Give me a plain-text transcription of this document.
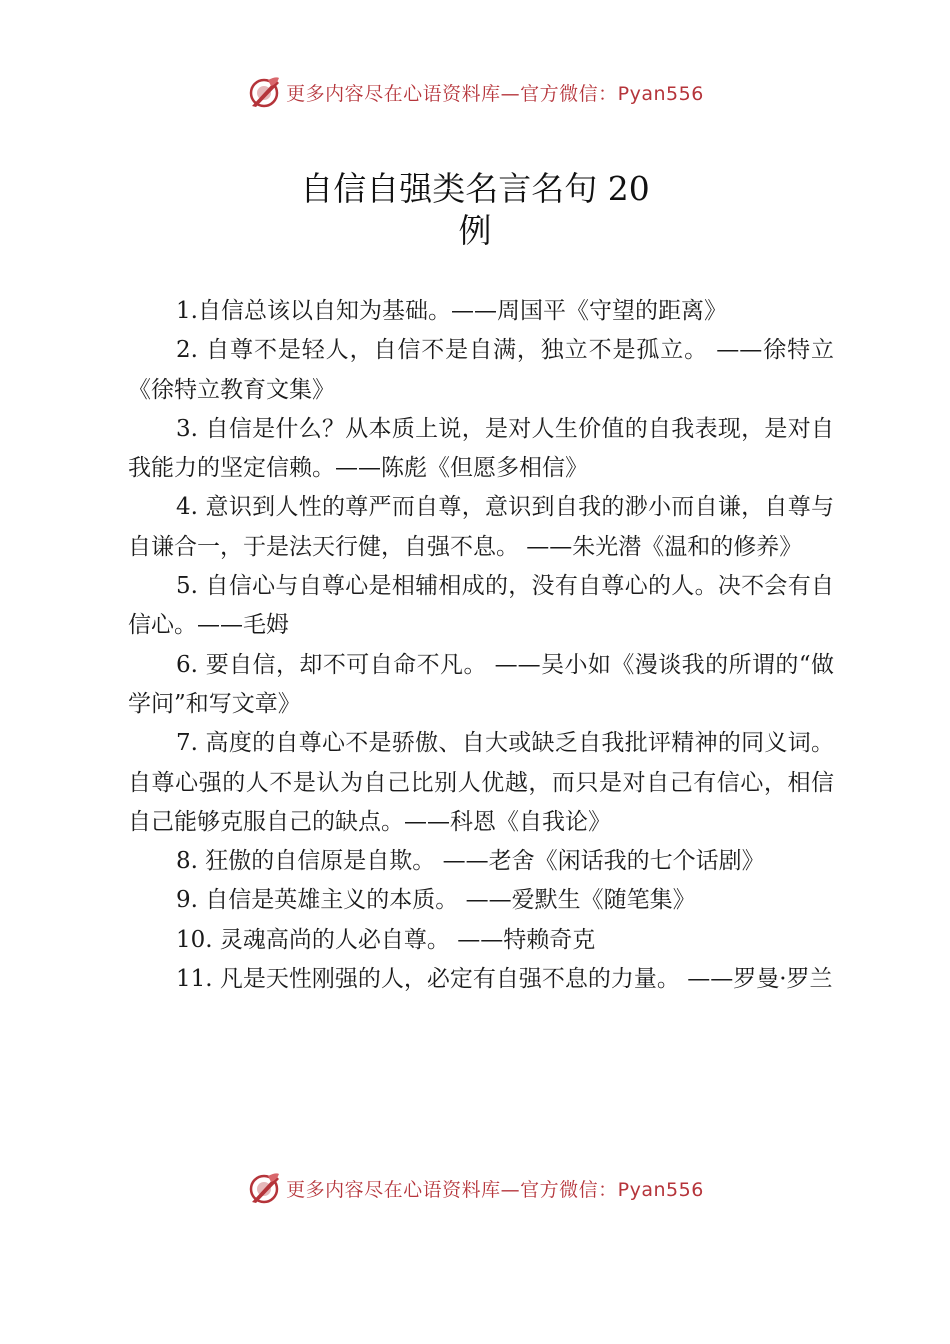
更多内容尽在心语资料库—官方微信：Pyan556
自信自强类名言名句 20
例

1.自信总该以自知为基础。——周国平《守望的距离》

2. 自尊不是轻人，自信不是自满，独立不是孤立。 ——徐特立《徐特立教育文集》

3. 自信是什么？从本质上说，是对人生价值的自我表现，是对自我能力的坚定信赖。——陈彪《但愿多相信》

4. 意识到人性的尊严而自尊，意识到自我的渺小而自谦，自尊与自谦合一，于是法天行健，自强不息。 ——朱光潜《温和的修养》

5. 自信心与自尊心是相辅相成的，没有自尊心的人。决不会有自信心。——毛姆

6. 要自信，却不可自命不凡。 ——吴小如《漫谈我的所谓的“做学问”和写文章》

7. 高度的自尊心不是骄傲、自大或缺乏自我批评精神的同义词。自尊心强的人不是认为自己比别人优越，而只是对自己有信心，相信自己能够克服自己的缺点。——科恩《自我论》

8. 狂傲的自信原是自欺。 ——老舍《闲话我的七个话剧》

9. 自信是英雄主义的本质。 ——爱默生《随笔集》

10. 灵魂高尚的人必自尊。 ——特赖奇克

11. 凡是天性刚强的人，必定有自强不息的力量。 ——罗曼·罗兰

更多内容尽在心语资料库—官方微信：Pyan556
